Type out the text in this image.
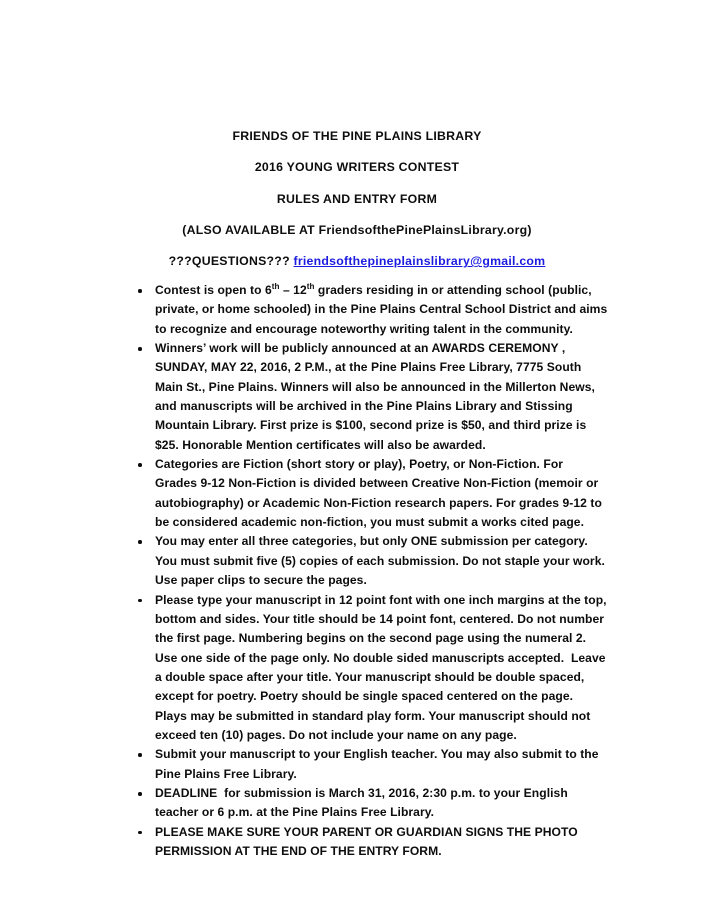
FRIENDS OF THE PINE PLAINS LIBRARY
2016 YOUNG WRITERS CONTEST
RULES AND ENTRY FORM
(ALSO AVAILABLE AT FriendsofthePinePlainsLibrary.org)
???QUESTIONS??? friendsofthepineplainslibrary@gmail.com
Contest is open to 6th – 12th graders residing in or attending school (public, private, or home schooled) in the Pine Plains Central School District and aims to recognize and encourage noteworthy writing talent in the community.
Winners’ work will be publicly announced at an AWARDS CEREMONY , SUNDAY, MAY 22, 2016, 2 P.M., at the Pine Plains Free Library, 7775 South Main St., Pine Plains. Winners will also be announced in the Millerton News, and manuscripts will be archived in the Pine Plains Library and Stissing Mountain Library. First prize is $100, second prize is $50, and third prize is $25. Honorable Mention certificates will also be awarded.
Categories are Fiction (short story or play), Poetry, or Non-Fiction. For Grades 9-12 Non-Fiction is divided between Creative Non-Fiction (memoir or autobiography) or Academic Non-Fiction research papers. For grades 9-12 to be considered academic non-fiction, you must submit a works cited page.
You may enter all three categories, but only ONE submission per category. You must submit five (5) copies of each submission. Do not staple your work. Use paper clips to secure the pages.
Please type your manuscript in 12 point font with one inch margins at the top, bottom and sides. Your title should be 14 point font, centered. Do not number the first page. Numbering begins on the second page using the numeral 2. Use one side of the page only. No double sided manuscripts accepted.  Leave a double space after your title. Your manuscript should be double spaced, except for poetry. Poetry should be single spaced centered on the page. Plays may be submitted in standard play form. Your manuscript should not exceed ten (10) pages. Do not include your name on any page.
Submit your manuscript to your English teacher. You may also submit to the Pine Plains Free Library.
DEADLINE  for submission is March 31, 2016, 2:30 p.m. to your English teacher or 6 p.m. at the Pine Plains Free Library.
PLEASE MAKE SURE YOUR PARENT OR GUARDIAN SIGNS THE PHOTO PERMISSION AT THE END OF THE ENTRY FORM.
